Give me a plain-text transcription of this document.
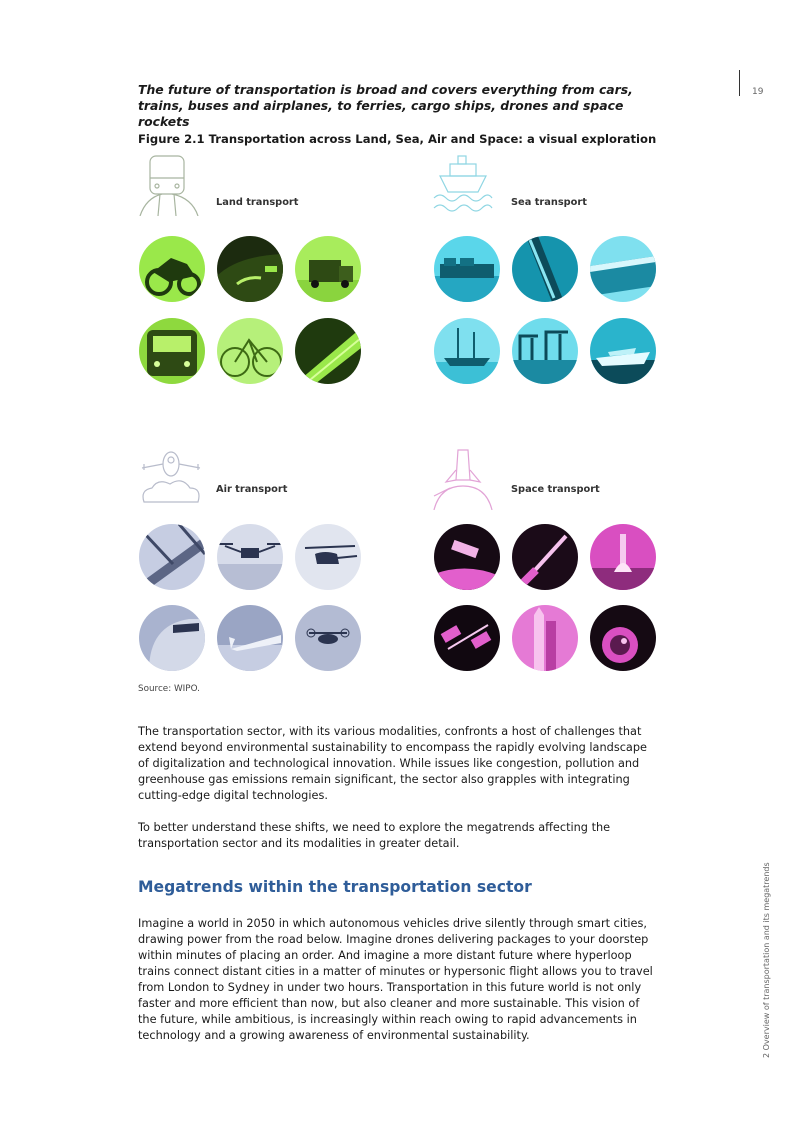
19
2 Overview of transportation and its megatrends
The future of transportation is broad and covers everything from cars, trains, buses and airplanes, to ferries, cargo ships, drones and space rockets
Figure 2.1 Transportation across Land, Sea, Air and Space: a visual exploration
Land transport	Sea transport
Air transport	Space transport
Source: WIPO.
The transportation sector, with its various modalities, confronts a host of challenges that extend beyond environmental sustainability to encompass the rapidly evolving landscape of digitalization and technological innovation. While issues like congestion, pollution and greenhouse gas emissions remain significant, the sector also grapples with integrating cutting-edge digital technologies.
To better understand these shifts, we need to explore the megatrends affecting the transportation sector and its modalities in greater detail.
Megatrends within the transportation sector
Imagine a world in 2050 in which autonomous vehicles drive silently through smart cities, drawing power from the road below. Imagine drones delivering packages to your doorstep within minutes of placing an order. And imagine a more distant future where hyperloop trains connect distant cities in a matter of minutes or hypersonic flight allows you to travel from London to Sydney in under two hours. Transportation in this future world is not only faster and more efficient than now, but also cleaner and more sustainable. This vision of the future, while ambitious, is increasingly within reach owing to rapid advancements in technology and a growing awareness of environmental sustainability.
